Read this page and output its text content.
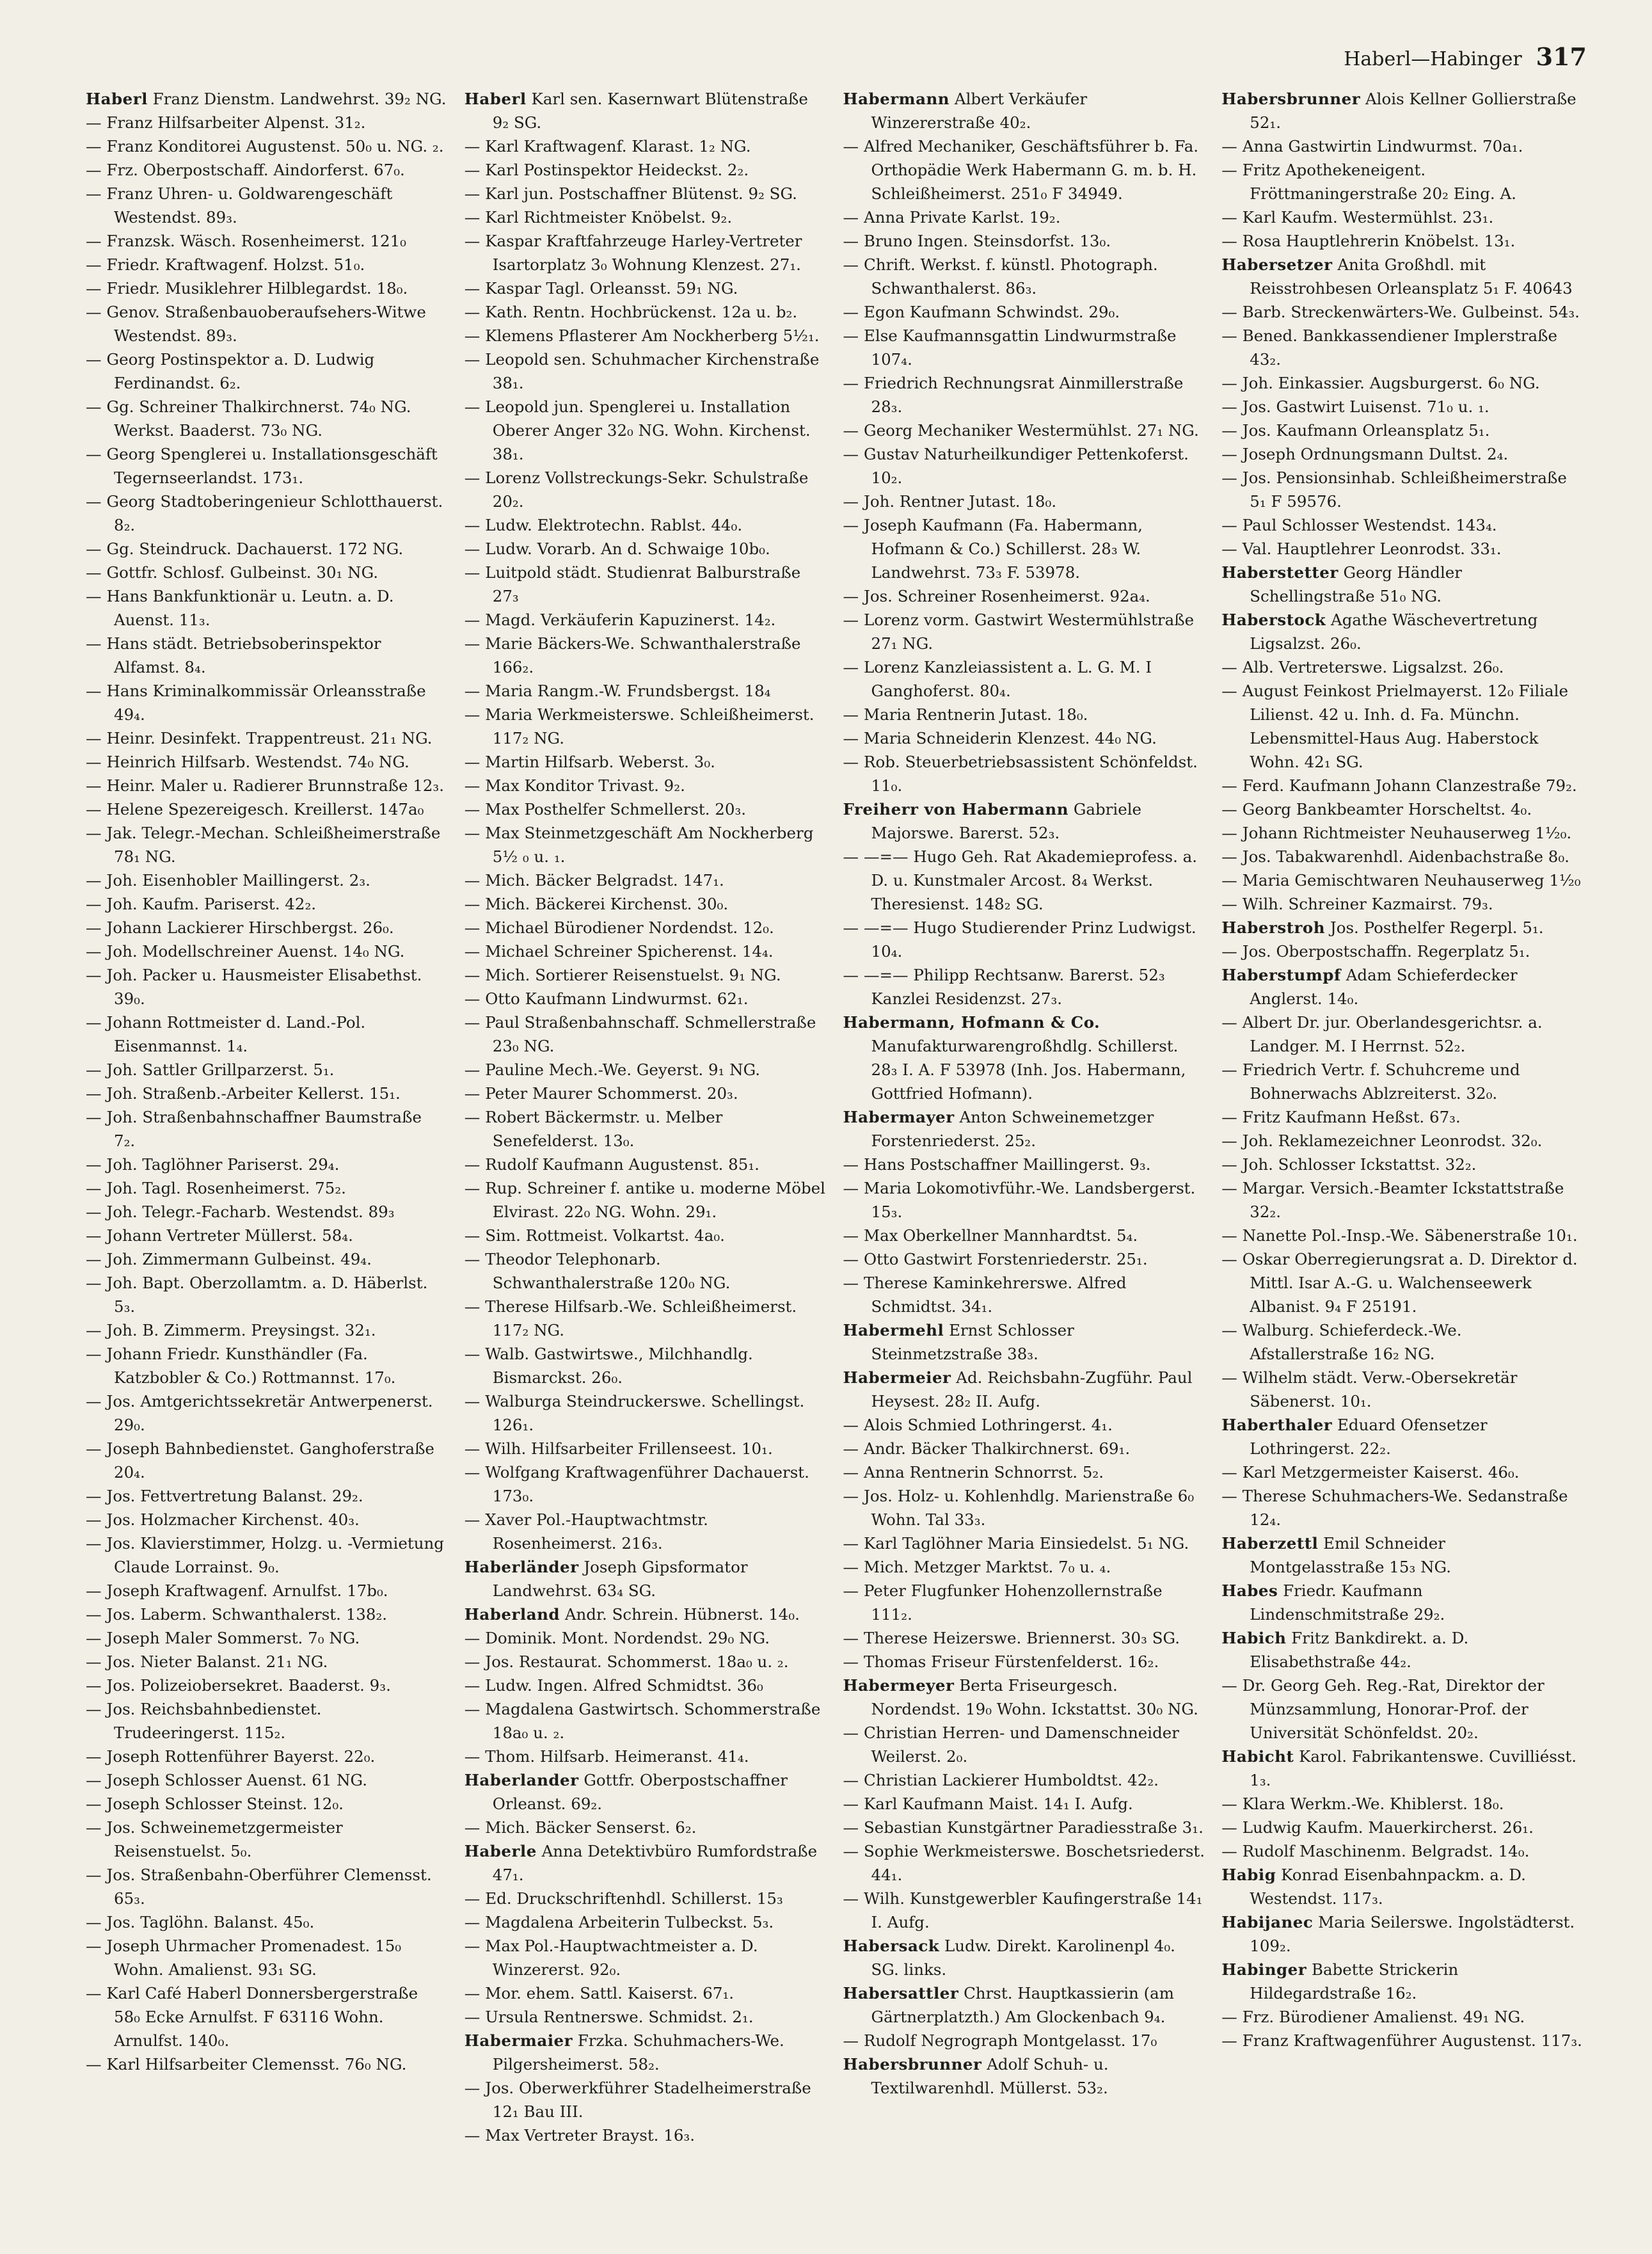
Haberl—Habinger 317
Haberl Franz Dienstm. Landwehrst. 39₂ NG.
— Franz Hilfsarbeiter Alpenst. 31₂.
— Franz Konditorei Augustenst. 50₀ u. NG. ₂.
— Frz. Oberpostschaff. Aindorferst. 67₀.
— Franz Uhren- u. Goldwarengeschäft Westendst. 89₃.
— Franzsk. Wäsch. Rosenheimerst. 121₀
— Friedr. Kraftwagenf. Holzst. 51₀.
— Friedr. Musiklehrer Hilblegardst. 18₀.
— Genov. Straßenbauoberaufsehers-Witwe Westendst. 89₃.
— Georg Postinspektor a. D. Ludwig Ferdinandst. 6₂.
— Gg. Schreiner Thalkirchnerst. 74₀ NG. Werkst. Baaderst. 73₀ NG.
— Georg Spenglerei u. Installationsgeschäft Tegernseerlandst. 173₁.
— Georg Stadtoberingenieur Schlotthauerst. 8₂.
— Gg. Steindruck. Dachauerst. 172 NG.
— Gottfr. Schlosf. Gulbeinst. 30₁ NG.
— Hans Bankfunktionär u. Leutn. a. D. Auenst. 11₃.
— Hans städt. Betriebsoberinspektor Alfamst. 8₄.
— Hans Kriminalkommissär Orleansstraße 49₄.
— Heinr. Desinfekt. Trappentreust. 21₁ NG.
— Heinrich Hilfsarb. Westendst. 74₀ NG.
— Heinr. Maler u. Radierer Brunnstraße 12₃.
— Helene Spezereigesch. Kreillerst. 147a₀
— Jak. Telegr.-Mechan. Schleißheimerstraße 78₁ NG.
— Joh. Eisenhobler Maillingerst. 2₃.
— Joh. Kaufm. Pariserst. 42₂.
— Johann Lackierer Hirschbergst. 26₀.
— Joh. Modellschreiner Auenst. 14₀ NG.
— Joh. Packer u. Hausmeister Elisabethst. 39₀.
— Johann Rottmeister d. Land.-Pol. Eisenmannst. 1₄.
— Joh. Sattler Grillparzerst. 5₁.
— Joh. Straßenb.-Arbeiter Kellerst. 15₁.
— Joh. Straßenbahnschaffner Baumstraße 7₂.
— Joh. Taglöhner Pariserst. 29₄.
— Joh. Tagl. Rosenheimerst. 75₂.
— Joh. Telegr.-Facharb. Westendst. 89₃
— Johann Vertreter Müllerst. 58₄.
— Joh. Zimmermann Gulbeinst. 49₄.
— Joh. Bapt. Oberzollamtm. a. D. Häberlst. 5₃.
— Joh. B. Zimmerm. Preysingst. 32₁.
— Johann Friedr. Kunsthändler (Fa. Katzbobler & Co.) Rottmannst. 17₀.
— Jos. Amtgerichtssekretär Antwerpenerst. 29₀.
— Joseph Bahnbedienstet. Ganghoferstraße 20₄.
— Jos. Fettvertretung Balanst. 29₂.
— Jos. Holzmacher Kirchenst. 40₃.
— Jos. Klavierstimmer, Holzg. u. -Vermietung Claude Lorrainst. 9₀.
— Joseph Kraftwagenf. Arnulfst. 17b₀.
— Jos. Laberm. Schwanthalerst. 138₂.
— Joseph Maler Sommerst. 7₀ NG.
— Jos. Nieter Balanst. 21₁ NG.
— Jos. Polizeiobersekret. Baaderst. 9₃.
— Jos. Reichsbahnbedienstet. Trudeeringerst. 115₂.
— Joseph Rottenführer Bayerst. 22₀.
— Joseph Schlosser Auenst. 61 NG.
— Joseph Schlosser Steinst. 12₀.
— Jos. Schweinemetzgermeister Reisenstuelst. 5₀.
— Jos. Straßenbahn-Oberführer Clemensst. 65₃.
— Jos. Taglöhn. Balanst. 45₀.
— Joseph Uhrmacher Promenadest. 15₀ Wohn. Amalienst. 93₁ SG.
— Karl Café Haberl Donnersbergerstraße 58₀ Ecke Arnulfst. F 63116 Wohn. Arnulfst. 140₀.
— Karl Hilfsarbeiter Clemensst. 76₀ NG.
Haberl Karl sen. Kasernwart Blütenstraße 9₂ SG.
— Karl Kraftwagenf. Klarast. 1₂ NG.
— Karl Postinspektor Heideckst. 2₂.
— Karl jun. Postschaffner Blütenst. 9₂ SG.
— Karl Richtmeister Knöbelst. 9₂.
— Kaspar Kraftfahrzeuge Harley-Vertreter Isartorplatz 3₀ Wohnung Klenzest. 27₁.
— Kaspar Tagl. Orleansst. 59₁ NG.
— Kath. Rentn. Hochbrückenst. 12a u. b₂.
— Klemens Pflasterer Am Nockherberg 5½₁.
— Leopold sen. Schuhmacher Kirchenstraße 38₁.
— Leopold jun. Spenglerei u. Installation Oberer Anger 32₀ NG. Wohn. Kirchenst. 38₁.
— Lorenz Vollstreckungs-Sekr. Schulstraße 20₂.
— Ludw. Elektrotechn. Rablst. 44₀.
— Ludw. Vorarb. An d. Schwaige 10b₀.
— Luitpold städt. Studienrat Balburstraße 27₃
— Magd. Verkäuferin Kapuzinerst. 14₂.
— Marie Bäckers-We. Schwanthalerstraße 166₂.
— Maria Rangm.-W. Frundsbergst. 18₄
— Maria Werkmeisterswe. Schleißheimerst. 117₂ NG.
— Martin Hilfsarb. Weberst. 3₀.
— Max Konditor Trivast. 9₂.
— Max Posthelfer Schmellerst. 20₃.
— Max Steinmetzgeschäft Am Nockherberg 5½ ₀ u. ₁.
— Mich. Bäcker Belgradst. 147₁.
— Mich. Bäckerei Kirchenst. 30₀.
— Michael Bürodiener Nordendst. 12₀.
— Michael Schreiner Spicherenst. 14₄.
— Mich. Sortierer Reisenstuelst. 9₁ NG.
— Otto Kaufmann Lindwurmst. 62₁.
— Paul Straßenbahnschaff. Schmellerstraße 23₀ NG.
— Pauline Mech.-We. Geyerst. 9₁ NG.
— Peter Maurer Schommerst. 20₃.
— Robert Bäckermstr. u. Melber Senefelderst. 13₀.
— Rudolf Kaufmann Augustenst. 85₁.
— Rup. Schreiner f. antike u. moderne Möbel Elvirast. 22₀ NG. Wohn. 29₁.
— Sim. Rottmeist. Volkartst. 4a₀.
— Theodor Telephonarb. Schwanthalerstraße 120₀ NG.
— Therese Hilfsarb.-We. Schleißheimerst. 117₂ NG.
— Walb. Gastwirtswe., Milchhandlg. Bismarckst. 26₀.
— Walburga Steindruckerswe. Schellingst. 126₁.
— Wilh. Hilfsarbeiter Frillenseest. 10₁.
— Wolfgang Kraftwagenführer Dachauerst. 173₀.
— Xaver Pol.-Hauptwachtmstr. Rosenheimerst. 216₃.
Haberländer Joseph Gipsformator Landwehrst. 63₄ SG.
Haberland Andr. Schrein. Hübnerst. 14₀.
— Dominik. Mont. Nordendst. 29₀ NG.
— Jos. Restaurat. Schommerst. 18a₀ u. ₂.
— Ludw. Ingen. Alfred Schmidtst. 36₀
— Magdalena Gastwirtsch. Schommerstraße 18a₀ u. ₂.
— Thom. Hilfsarb. Heimeranst. 41₄.
Haberlander Gottfr. Oberpostschaffner Orleanst. 69₂.
— Mich. Bäcker Senserst. 6₂.
Haberle Anna Detektivbüro Rumfordstraße 47₁.
— Ed. Druckschriftenhdl. Schillerst. 15₃
— Magdalena Arbeiterin Tulbeckst. 5₃.
— Max Pol.-Hauptwachtmeister a. D. Winzererst. 92₀.
— Mor. ehem. Sattl. Kaiserst. 67₁.
— Ursula Rentnerswe. Schmidst. 2₁.
Habermaier Frzka. Schuhmachers-We. Pilgersheimerst. 58₂.
— Jos. Oberwerkführer Stadelheimerstraße 12₁ Bau III.
— Max Vertreter Brayst. 16₃.
Habermann Albert Verkäufer Winzererstraße 40₂.
— Alfred Mechaniker, Geschäftsführer b. Fa. Orthopädie Werk Habermann G. m. b. H. Schleißheimerst. 251₀ F 34949.
— Anna Private Karlst. 19₂.
— Bruno Ingen. Steinsdorfst. 13₀.
— Chrift. Werkst. f. künstl. Photograph. Schwanthalerst. 86₃.
— Egon Kaufmann Schwindst. 29₀.
— Else Kaufmannsgattin Lindwurmstraße 107₄.
— Friedrich Rechnungsrat Ainmillerstraße 28₃.
— Georg Mechaniker Westermühlst. 27₁ NG.
— Gustav Naturheilkundiger Pettenkoferst. 10₂.
— Joh. Rentner Jutast. 18₀.
— Joseph Kaufmann (Fa. Habermann, Hofmann & Co.) Schillerst. 28₃ W. Landwehrst. 73₃ F. 53978.
— Jos. Schreiner Rosenheimerst. 92a₄.
— Lorenz vorm. Gastwirt Westermühlstraße 27₁ NG.
— Lorenz Kanzleiassistent a. L. G. M. I Ganghoferst. 80₄.
— Maria Rentnerin Jutast. 18₀.
— Maria Schneiderin Klenzest. 44₀ NG.
— Rob. Steuerbetriebsassistent Schönfeldst. 11₀.
Freiherr von Habermann Gabriele Majorswe. Barerst. 52₃.
— —=— Hugo Geh. Rat Akademieprofess. a. D. u. Kunstmaler Arcost. 8₄ Werkst. Theresienst. 148₂ SG.
— —=— Hugo Studierender Prinz Ludwigst. 10₄.
— —=— Philipp Rechtsanw. Barerst. 52₃ Kanzlei Residenzst. 27₃.
Habermann, Hofmann & Co. Manufakturwarengroßhdlg. Schillerst. 28₃ I. A. F 53978 (Inh. Jos. Habermann, Gottfried Hofmann).
Habermayer Anton Schweinemetzger Forstenriederst. 25₂.
— Hans Postschaffner Maillingerst. 9₃.
— Maria Lokomotivführ.-We. Landsbergerst. 15₃.
— Max Oberkellner Mannhardtst. 5₄.
— Otto Gastwirt Forstenriederstr. 25₁.
— Therese Kaminkehrerswe. Alfred Schmidtst. 34₁.
Habermehl Ernst Schlosser Steinmetzstraße 38₃.
Habermeier Ad. Reichsbahn-Zugführ. Paul Heysest. 28₂ II. Aufg.
— Alois Schmied Lothringerst. 4₁.
— Andr. Bäcker Thalkirchnerst. 69₁.
— Anna Rentnerin Schnorrst. 5₂.
— Jos. Holz- u. Kohlenhdlg. Marienstraße 6₀ Wohn. Tal 33₃.
— Karl Taglöhner Maria Einsiedelst. 5₁ NG.
— Mich. Metzger Marktst. 7₀ u. ₄.
— Peter Flugfunker Hohenzollernstraße 111₂.
— Therese Heizerswe. Briennerst. 30₃ SG.
— Thomas Friseur Fürstenfelderst. 16₂.
Habermeyer Berta Friseurgesch. Nordendst. 19₀ Wohn. Ickstattst. 30₀ NG.
— Christian Herren- und Damenschneider Weilerst. 2₀.
— Christian Lackierer Humboldtst. 42₂.
— Karl Kaufmann Maist. 14₁ I. Aufg.
— Sebastian Kunstgärtner Paradiesstraße 3₁.
— Sophie Werkmeisterswe. Boschetsriederst. 44₁.
— Wilh. Kunstgewerbler Kaufingerstraße 14₁ I. Aufg.
Habersack Ludw. Direkt. Karolinenpl 4₀. SG. links.
Habersattler Chrst. Hauptkassierin (am Gärtnerplatzth.) Am Glockenbach 9₄.
— Rudolf Negrograph Montgelasst. 17₀
Habersbrunner Adolf Schuh- u. Textilwarenhdl. Müllerst. 53₂.
Habersbrunner Alois Kellner Gollierstraße 52₁.
— Anna Gastwirtin Lindwurmst. 70a₁.
— Fritz Apothekeneigent. Fröttmaningerstraße 20₂ Eing. A.
— Karl Kaufm. Westermühlst. 23₁.
— Rosa Hauptlehrerin Knöbelst. 13₁.
Habersetzer Anita Großhdl. mit Reisstrohbesen Orleansplatz 5₁ F. 40643
— Barb. Streckenwärters-We. Gulbeinst. 54₃.
— Bened. Bankkassendiener Implerstraße 43₂.
— Joh. Einkassier. Augsburgerst. 6₀ NG.
— Jos. Gastwirt Luisenst. 71₀ u. ₁.
— Jos. Kaufmann Orleansplatz 5₁.
— Joseph Ordnungsmann Dultst. 2₄.
— Jos. Pensionsinhab. Schleißheimerstraße 5₁ F 59576.
— Paul Schlosser Westendst. 143₄.
— Val. Hauptlehrer Leonrodst. 33₁.
Haberstetter Georg Händler Schellingstraße 51₀ NG.
Haberstock Agathe Wäschevertretung Ligsalzst. 26₀.
— Alb. Vertreterswe. Ligsalzst. 26₀.
— August Feinkost Prielmayerst. 12₀ Filiale Lilienst. 42 u. Inh. d. Fa. Münchn. Lebensmittel-Haus Aug. Haberstock Wohn. 42₁ SG.
— Ferd. Kaufmann Johann Clanzestraße 79₂.
— Georg Bankbeamter Horscheltst. 4₀.
— Johann Richtmeister Neuhauserweg 1½₀.
— Jos. Tabakwarenhdl. Aidenbachstraße 8₀.
— Maria Gemischtwaren Neuhauserweg 1½₀
— Wilh. Schreiner Kazmairst. 79₃.
Haberstroh Jos. Posthelfer Regerpl. 5₁.
— Jos. Oberpostschaffn. Regerplatz 5₁.
Haberstumpf Adam Schieferdecker Anglerst. 14₀.
— Albert Dr. jur. Oberlandesgerichtsr. a. Landger. M. I Herrnst. 52₂.
— Friedrich Vertr. f. Schuhcreme und Bohnerwachs Ablzreiterst. 32₀.
— Fritz Kaufmann Heßst. 67₃.
— Joh. Reklamezeichner Leonrodst. 32₀.
— Joh. Schlosser Ickstattst. 32₂.
— Margar. Versich.-Beamter Ickstattstraße 32₂.
— Nanette Pol.-Insp.-We. Säbenerstraße 10₁.
— Oskar Oberregierungsrat a. D. Direktor d. Mittl. Isar A.-G. u. Walchenseewerk Albanist. 9₄ F 25191.
— Walburg. Schieferdeck.-We. Afstallerstraße 16₂ NG.
— Wilhelm städt. Verw.-Obersekretär Säbenerst. 10₁.
Haberthaler Eduard Ofensetzer Lothringerst. 22₂.
— Karl Metzgermeister Kaiserst. 46₀.
— Therese Schuhmachers-We. Sedanstraße 12₄.
Haberzettl Emil Schneider Montgelasstraße 15₃ NG.
Habes Friedr. Kaufmann Lindenschmitstraße 29₂.
Habich Fritz Bankdirekt. a. D. Elisabethstraße 44₂.
— Dr. Georg Geh. Reg.-Rat, Direktor der Münzsammlung, Honorar-Prof. der Universität Schönfeldst. 20₂.
Habicht Karol. Fabrikantenswe. Cuvilliésst. 1₃.
— Klara Werkm.-We. Khiblerst. 18₀.
— Ludwig Kaufm. Mauerkircherst. 26₁.
— Rudolf Maschinenm. Belgradst. 14₀.
Habig Konrad Eisenbahnpackm. a. D. Westendst. 117₃.
Habijanec Maria Seilerswe. Ingolstädterst. 109₂.
Habinger Babette Strickerin Hildegardstraße 16₂.
— Frz. Bürodiener Amalienst. 49₁ NG.
— Franz Kraftwagenführer Augustenst. 117₃.
